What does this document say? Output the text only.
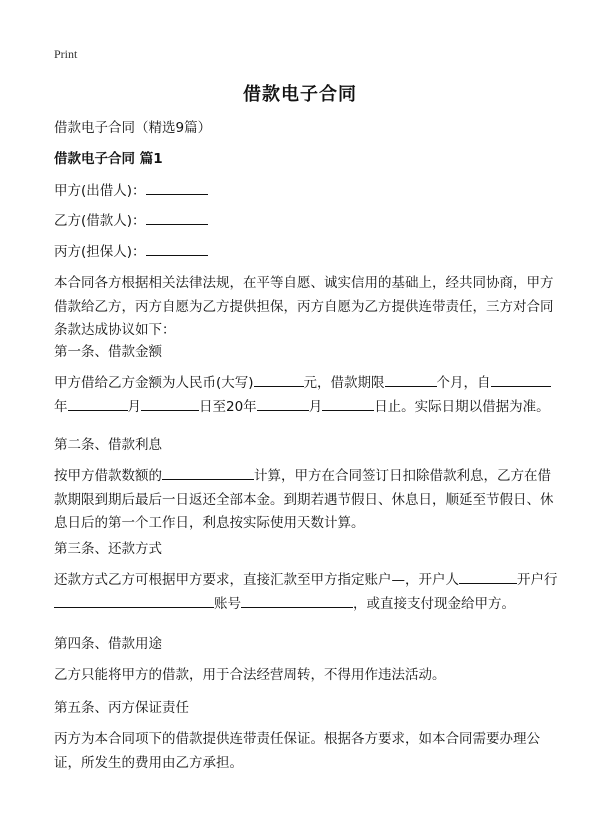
Print
借款电子合同

借款电子合同（精选9篇）

借款电子合同 篇1

甲方(出借人)：

乙方(借款人)：

丙方(担保人)：

本合同各方根据相关法律法规，在平等自愿、诚实信用的基础上，经共同协商，甲方借款给乙方，丙方自愿为乙方提供担保，丙方自愿为乙方提供连带责任，三方对合同条款达成协议如下：

第一条、借款金额

甲方借给乙方金额为人民币(大写)	元，借款期限	个月，自年	月	日至20年	月	日止。实际日期以借据为准。

第二条、借款利息

按甲方借款数额的	计算，甲方在合同签订日扣除借款利息，乙方在借款期限到期后最后一日返还全部本金。到期若遇节假日、休息日，顺延至节假日、休息日后的第一个工作日，利息按实际使用天数计算。

第三条、还款方式

还款方式乙方可根据甲方要求，直接汇款至甲方指定账户—，开户人	开户行账号	，或直接支付现金给甲方。

第四条、借款用途

乙方只能将甲方的借款，用于合法经营周转，不得用作违法活动。

第五条、丙方保证责任

丙方为本合同项下的借款提供连带责任保证。根据各方要求，如本合同需要办理公证，所发生的费用由乙方承担。
